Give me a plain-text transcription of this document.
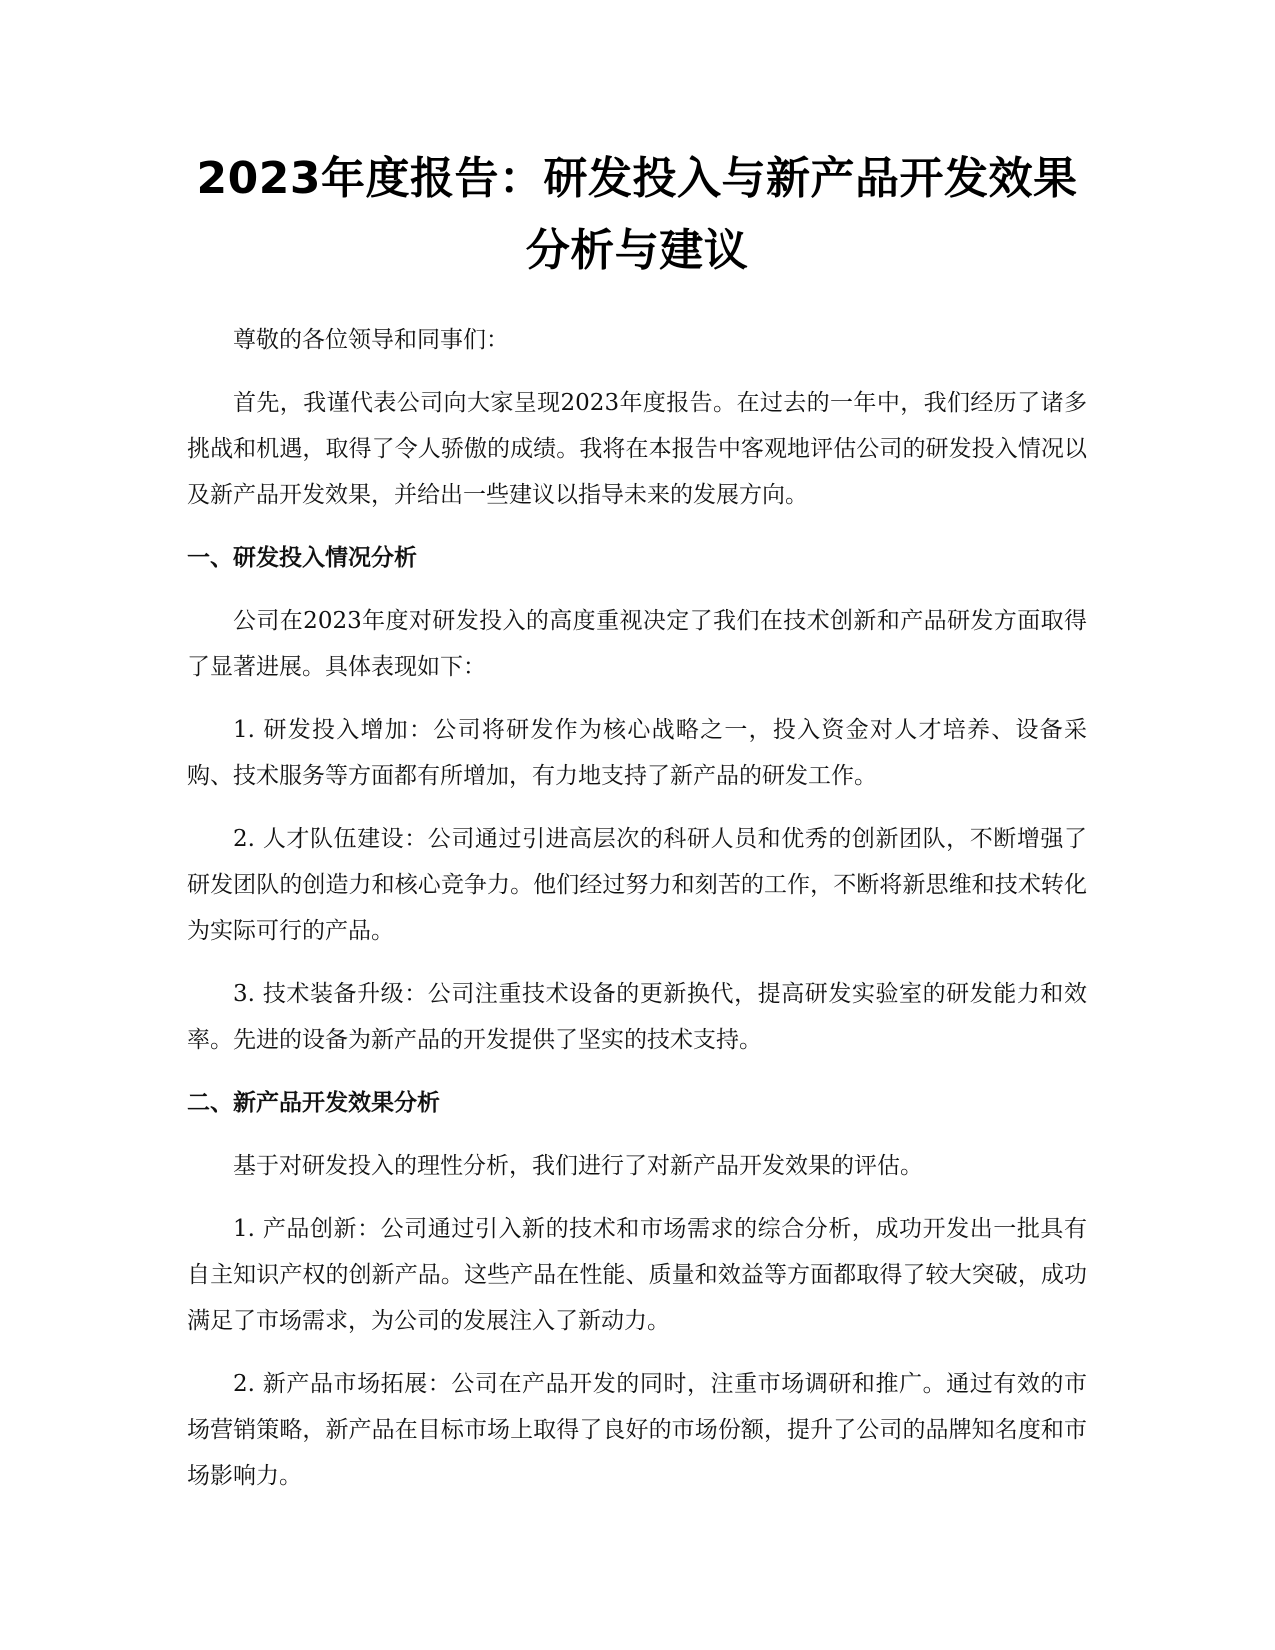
2023年度报告：研发投入与新产品开发效果
分析与建议

尊敬的各位领导和同事们：

首先，我谨代表公司向大家呈现2023年度报告。在过去的一年中，我们经历了诸多挑战和机遇，取得了令人骄傲的成绩。我将在本报告中客观地评估公司的研发投入情况以及新产品开发效果，并给出一些建议以指导未来的发展方向。

一、研发投入情况分析

公司在2023年度对研发投入的高度重视决定了我们在技术创新和产品研发方面取得了显著进展。具体表现如下：

1. 研发投入增加：公司将研发作为核心战略之一，投入资金对人才培养、设备采购、技术服务等方面都有所增加，有力地支持了新产品的研发工作。

2. 人才队伍建设：公司通过引进高层次的科研人员和优秀的创新团队，不断增强了研发团队的创造力和核心竞争力。他们经过努力和刻苦的工作，不断将新思维和技术转化为实际可行的产品。

3. 技术装备升级：公司注重技术设备的更新换代，提高研发实验室的研发能力和效率。先进的设备为新产品的开发提供了坚实的技术支持。

二、新产品开发效果分析

基于对研发投入的理性分析，我们进行了对新产品开发效果的评估。

1. 产品创新：公司通过引入新的技术和市场需求的综合分析，成功开发出一批具有自主知识产权的创新产品。这些产品在性能、质量和效益等方面都取得了较大突破，成功满足了市场需求，为公司的发展注入了新动力。

2. 新产品市场拓展：公司在产品开发的同时，注重市场调研和推广。通过有效的市场营销策略，新产品在目标市场上取得了良好的市场份额，提升了公司的品牌知名度和市场影响力。
